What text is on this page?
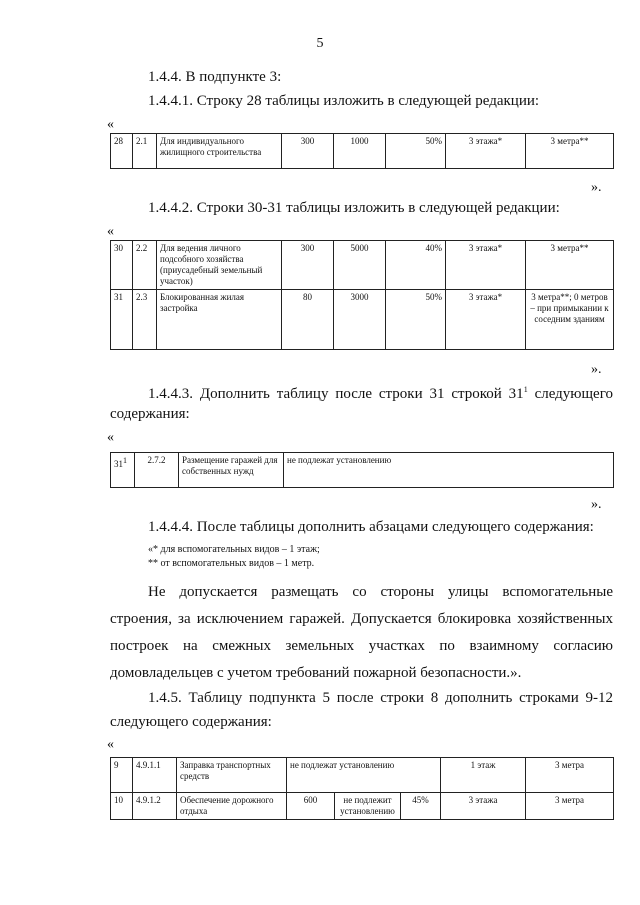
5
1.4.4. В подпункте 3:
1.4.4.1. Строку 28 таблицы изложить в следующей редакции:
«
28	2.1	Для индивидуального жилищного строительства	300	1000	50%	3 этажа*	3 метра**
».
1.4.4.2. Строки 30-31 таблицы изложить в следующей редакции:
«
30	2.2	Для ведения личного подсобного хозяйства (приусадебный земельный участок)	300	5000	40%	3 этажа*	3 метра**
31	2.3	Блокированная жилая застройка	80	3000	50%	3 этажа*	3 метра**; 0 метров – при примыкании к соседним зданиям
».
1.4.4.3. Дополнить таблицу после строки 31 строкой $31^1$ следующего
содержания:
«
$31^1$	2.7.2	Размещение гаражей для собственных нужд	не подлежат установлению
».
1.4.4.4. После таблицы дополнить абзацами следующего содержания:
«* для вспомогательных видов – 1 этаж;
** от вспомогательных видов – 1 метр.
Не допускается размещать со стороны улицы вспомогательные
строения, за исключением гаражей. Допускается блокировка хозяйственных
построек на смежных земельных участках по взаимному согласию
домовладельцев с учетом требований пожарной безопасности.».
1.4.5. Таблицу подпункта 5 после строки 8 дополнить строками 9-12
следующего содержания:
«
9	4.9.1.1	Заправка транспортных средств	не подлежат установлению			1 этаж	3 метра
10	4.9.1.2	Обеспечение дорожного отдыха	600	не подлежит установлению	45%	3 этажа	3 метра
